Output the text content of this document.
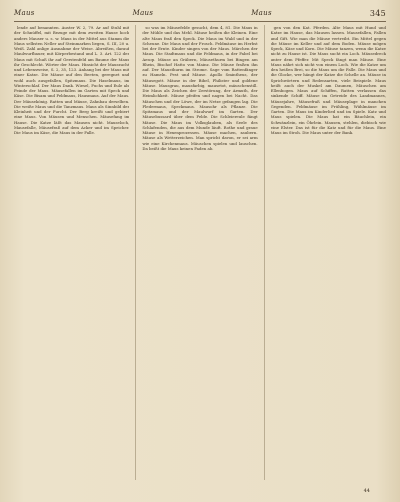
Maus	Maus	Maus	345

lende auf benannten. Auster W. 2, 79. Ar auf Stuhl mit der Schnüffel, mit Bezuge mit dem zweiten Hause hoch anders Mauser u. s. w. Maus in der Mittel aus Stamm die Maus selbsten Neller auf Steinmarken liegen, S. III, 20 u. Weiß. Zahl anlige Ausnahme der Weise. Abreißen, darauf Maulwurfbauer, mit Körperbestand und L. 3. Art. 122 der Maus mit Schuß ihr auf Gerstenfeld am Baume der Maus ihr Geschlecht. Wörter der Maus. Hinsicht der Mauszucht und Lebensweise, S. 2, 35, 123. Anhang bei der Maus mit einer Katze. Die Mäuse auf den Beeten, geregnet und wohl auch ausgefallen, Spitzmaus. Die Haselmaus, im Winterschlaf. Der Maus Dank. Wiesel, Fuchs und Eule als Feinde der Maus. Mäusefallen im Garten mit Speck und Käse. Die Bisam und Feldmaus, Hausmaus. Auf der Maus. Der Mäusekönig. Ratten und Mäuse, Zahnbau derselben. Die weiße Maus und die Tanzmaus. Maus als Sinnbild der Kleinheit und der Furcht. Der Berg kreißt und gebiert eine Maus. Von Mäusen und Menschen. Mäusefang im Hause. Die Katze läßt das Mausen nicht. Mauseloch, Mausefalle, Mäusefraß auf dem Acker und im Speicher. Die Maus im Käse, die Maus in der Falle.

so was im Mäusefelde gesucht, dem 4, 81. Die Maus in der Mühle und das Mehl. Mäuse heißen die Kleinen. Eine alte Maus fraß den Speck. Die Maus im Wald und in der Scheune. Die Maus und der Frosch. Feldmäuse im Herbst bei der Ernte. Kinder singen von der Maus. Märchen der Maus. Die Stadtmaus und die Feldmaus, in der Fabel bei Aesop. Mäuse an Gräbern, Mäusethurm bei Bingen am Rhein, Bischof Hatto von Mainz. Die Mäuse fraßen ihn auf. Der Mausthurm im Strome. Sage vom Rattenfänger zu Hameln. Pest und Mäuse. Apollo Smintheus, der Mäusegott. Mäuse in der Bibel, Philister und goldene Mäuse. Mausgrau, mausfarbig, mausetot, mäuschenstill. Die Maus als Zeichen der Zerstörung, der Armuth, der Heimlichkeit. Mäuse pfeifen und nagen bei Nacht. Das Mäuschen und der Löwe, der im Netze gefangen lag. Die Fledermaus, Speckmaus. Mausohr als Pflanze. Die Spitzmaus und der Maulwurf im Garten. Der Mäusebussard über dem Felde. Die Schleiereule fängt Mäuse. Die Maus im Volksglauben, als Seele des Schlafenden, die aus dem Munde läuft. Rothe und graue Mäuse in Hexenprozessen. Mäuse machen, zaubern. Mäuse als Wetterzeichen. Man spricht davon, er sei arm wie eine Kirchenmaus. Mäuschen spielen und lauschen. Da beißt die Maus keinen Faden ab.

gen von den Kat. Pferden. Alte Maus mit Hund und Katze im Hause, das Mausen lassen. Mausefallen, Fallen und Gift. Wie man die Mäuse vertreibt. Ein Mittel gegen die Mäuse im Keller und auf dem Boden. Mäuse mögen Speck, Käse und Korn. Die Mäuse tanzen, wenn die Katze nicht zu Hause ist. Die Maus sucht ein Loch. Mäusedreck unter dem Pfeffer. Mit Speck fängt man Mäuse. Eine Maus nährt sich nicht von einem Loch. Wie die Katze um den heißen Brei, so die Maus um die Falle. Die Maus und die Glocke, wer hängt der Katze die Schelle an. Mäuse in Sprichwörtern und Redensarten, viele Beispiele. Maus heißt auch der Muskel am Daumen, Mäuschen am Ellenbogen. Maus auf Schiffen, Ratten verlassen das sinkende Schiff. Mäuse im Getreide des Landmannes, Mäusejahre, Mäusefraß und Mäuseplage in manchen Gegenden. Feldmäuse im Frühling, Wühlmäuse im Garten. Die Maus im Kinderlied und im Spiele. Katz und Maus spielen. Die Maus hat ein Bäuchlein, ein Schwänzlein, ein Öhrlein. Mausen, stehlen, diebisch wie eine Elster. Das ist für die Katz und für die Maus. Eine Maus im Stroh. Die Maus unter der Bank.

44
